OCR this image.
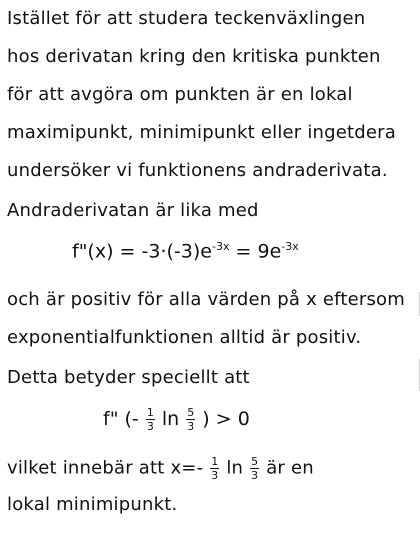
Istället för att studera teckenväxlingen
hos derivatan kring den kritiska punkten
för att avgöra om punkten är en lokal
maximipunkt, minimipunkt eller ingetdera
undersöker vi funktionens andraderivata.
Andraderivatan är lika med
f"(x) = $-3\cdot(-3)e^{-3x} = 9e^{-3x}$
och är positiv för alla värden på x eftersom
exponentialfunktionen alltid är positiv.
Detta betyder speciellt att
f" (- $\frac{1}{3}$ $\ln \frac{5}{3}$ ) > 0
vilket innebär att $x=- \frac{1}{3}$ $\ln \frac{5}{3}$ är en
lokal minimipunkt.
